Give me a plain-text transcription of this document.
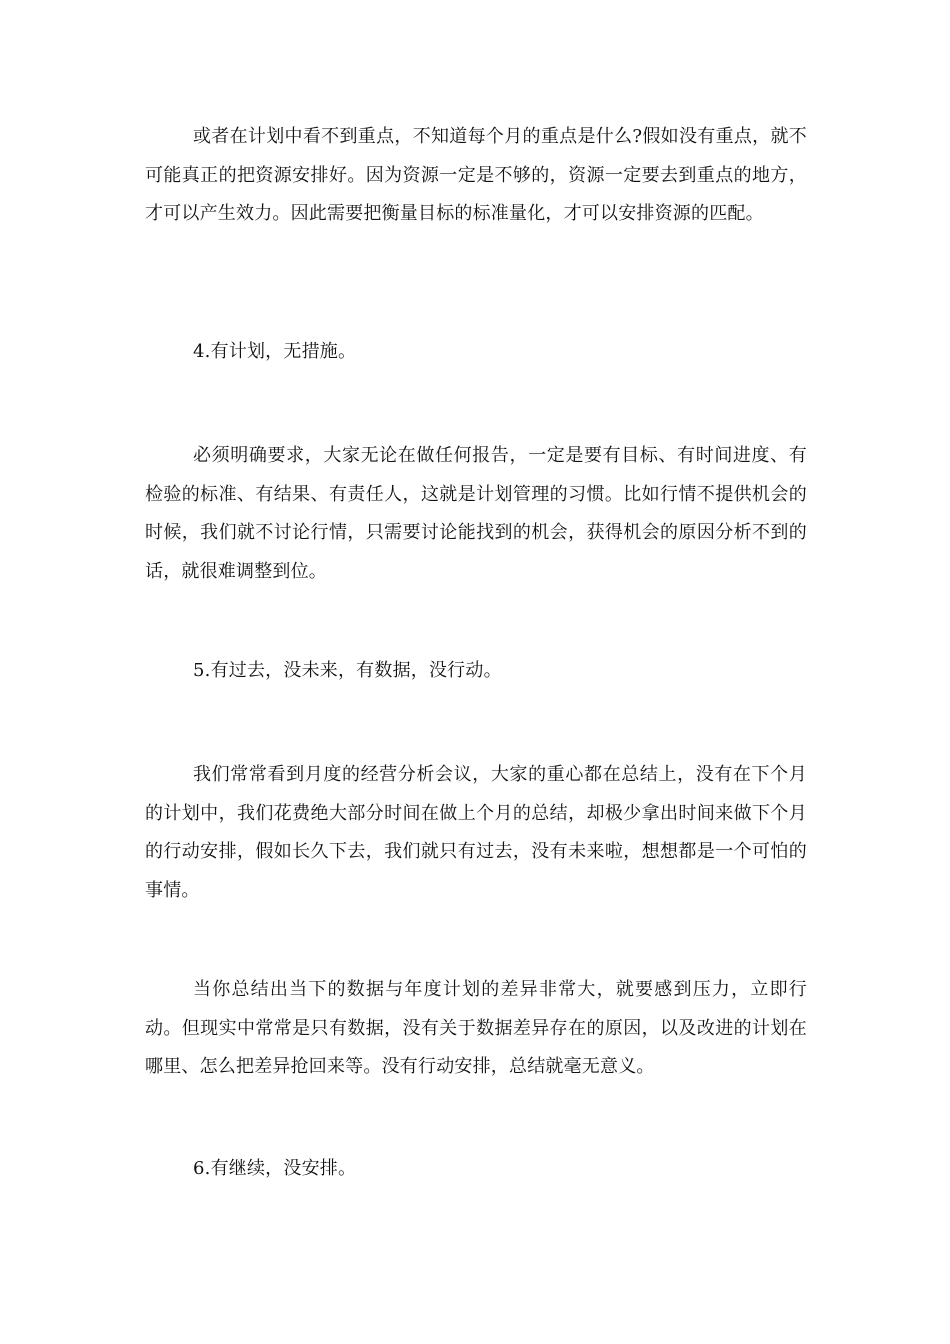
或者在计划中看不到重点，不知道每个月的重点是什么?假如没有重点，就不可能真正的把资源安排好。因为资源一定是不够的，资源一定要去到重点的地方，才可以产生效力。因此需要把衡量目标的标准量化，才可以安排资源的匹配。

4.有计划，无措施。

必须明确要求，大家无论在做任何报告，一定是要有目标、有时间进度、有检验的标准、有结果、有责任人，这就是计划管理的习惯。比如行情不提供机会的时候，我们就不讨论行情，只需要讨论能找到的机会，获得机会的原因分析不到的话，就很难调整到位。

5.有过去，没未来，有数据，没行动。

我们常常看到月度的经营分析会议，大家的重心都在总结上，没有在下个月的计划中，我们花费绝大部分时间在做上个月的总结，却极少拿出时间来做下个月的行动安排，假如长久下去，我们就只有过去，没有未来啦，想想都是一个可怕的事情。

当你总结出当下的数据与年度计划的差异非常大，就要感到压力，立即行动。但现实中常常是只有数据，没有关于数据差异存在的原因，以及改进的计划在哪里、怎么把差异抢回来等。没有行动安排，总结就毫无意义。

6.有继续，没安排。
